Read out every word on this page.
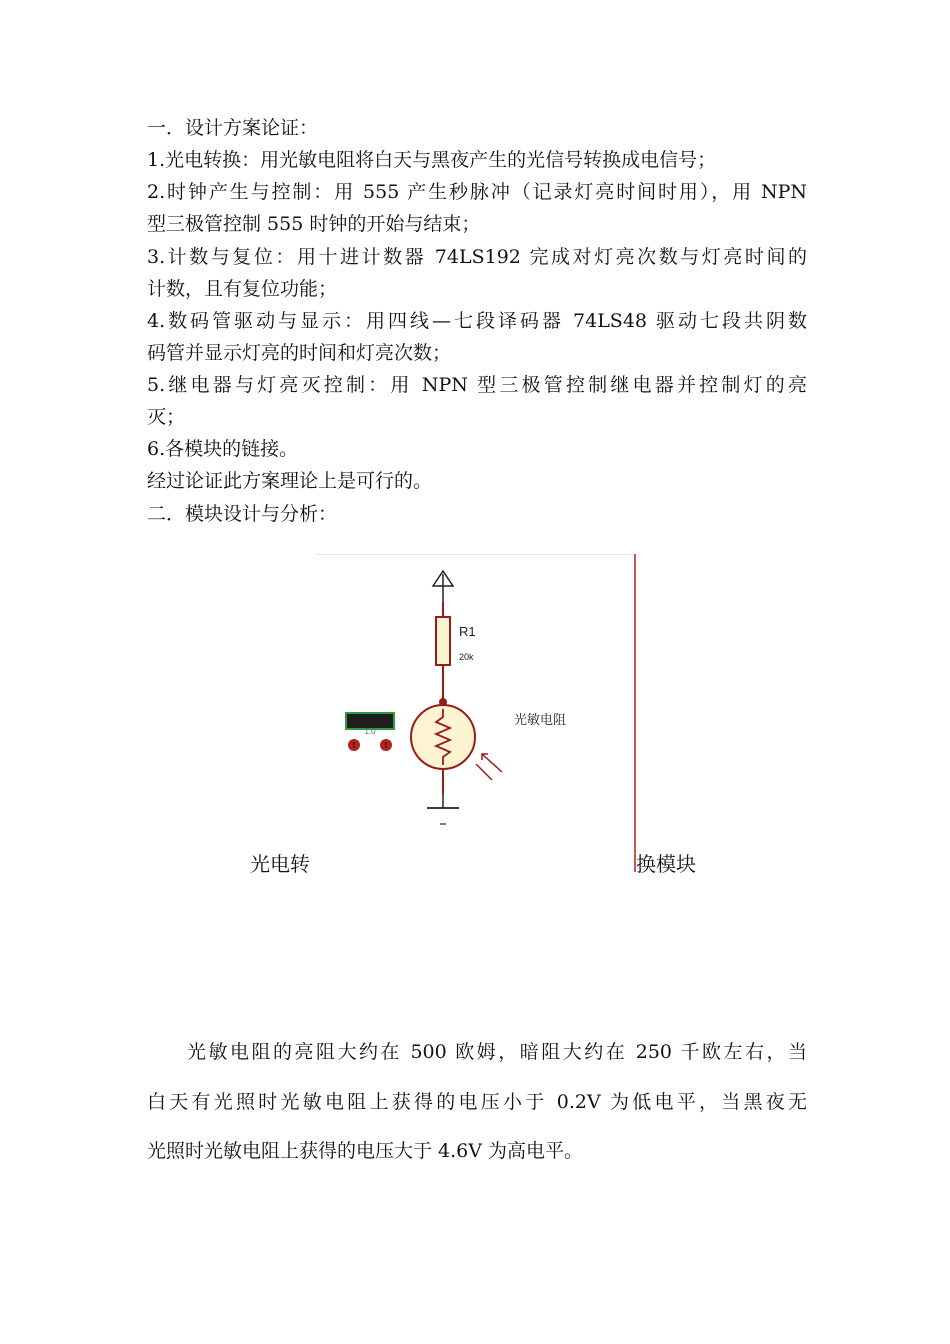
一．设计方案论证：
1.光电转换：用光敏电阻将白天与黑夜产生的光信号转换成电信号；
2.时钟产生与控制：用 555 产生秒脉冲（记录灯亮时间时用），用 NPN
型三极管控制 555 时钟的开始与结束；
3.计数与复位：用十进计数器 74LS192 完成对灯亮次数与灯亮时间的
计数，且有复位功能；
4.数码管驱动与显示：用四线—七段译码器 74LS48 驱动七段共阴数
码管并显示灯亮的时间和灯亮次数；
5.继电器与灯亮灭控制：用 NPN 型三极管控制继电器并控制灯的亮
灭；
6.各模块的链接。
经过论证此方案理论上是可行的。
二．模块设计与分析：
R1
20k
光敏电阻
1.0
光电转	换模块
光敏电阻的亮阻大约在 500 欧姆，暗阻大约在 250 千欧左右，当
白天有光照时光敏电阻上获得的电压小于 0.2V 为低电平，当黑夜无
光照时光敏电阻上获得的电压大于 4.6V 为高电平。
